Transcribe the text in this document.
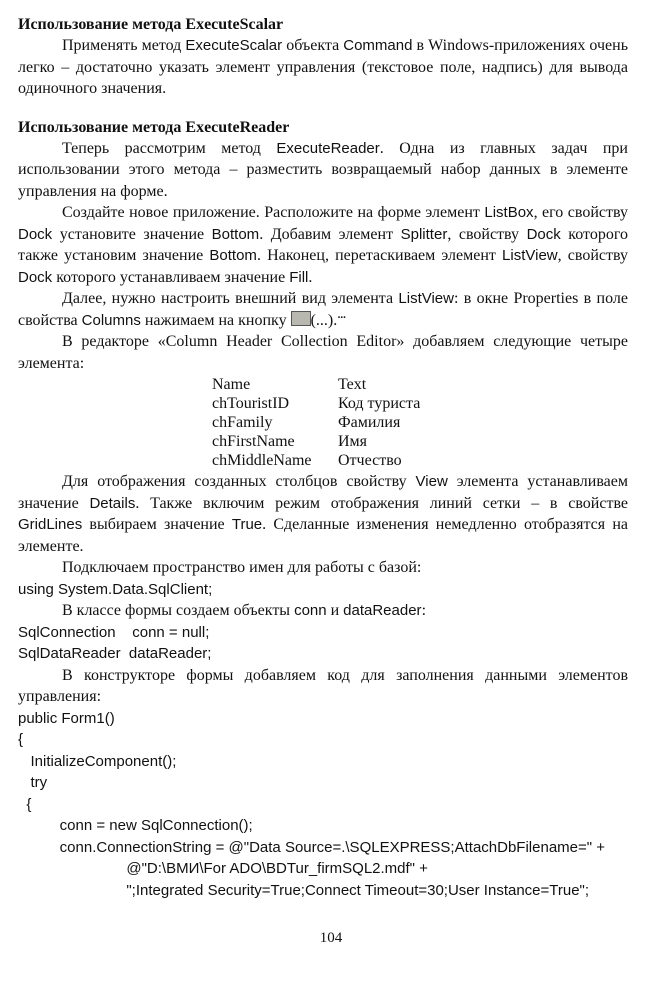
Использование метода ExecuteScalar

Применять метод ExecuteScalar объекта Command в Windows-приложениях очень легко – достаточно указать элемент управления (текстовое поле, надпись) для вывода одиночного значения.

Использование метода ExecuteReader

Теперь рассмотрим метод ExecuteReader. Одна из главных задач при использовании этого метода – разместить возвращаемый набор данных в элементе управления на форме.

Создайте новое приложение. Расположите на форме элемент ListBox, его свойству Dock установите значение Bottom. Добавим элемент Splitter, свойству Dock которого также установим значение Bottom. Наконец, перетаскиваем элемент ListView, свойству Dock которого устанавливаем значение Fill.

Далее, нужно настроить внешний вид элемента ListView: в окне Properties в поле свойства Columns нажимаем на кнопку ...

В редакторе «Column Header Collection Editor» добавляем следующие четыре элемента:

Name	Text
chTouristID	Код туриста
chFamily	Фамилия
chFirstName	Имя
chMiddleName	Отчество

Для отображения созданных столбцов свойству View элемента устанавливаем значение Details. Также включим режим отображения линий сетки – в свойстве GridLines выбираем значение True. Сделанные изменения немедленно отобразятся на элементе.

Подключаем пространство имен для работы с базой:

using System.Data.SqlClient;

В классе формы создаем объекты conn и dataReader:

SqlConnection    conn = null;

SqlDataReader  dataReader;

В конструкторе формы добавляем код для заполнения данными элементов управления:

public Form1()

{

InitializeComponent();

try

{

conn = new SqlConnection();

conn.ConnectionString = @"Data Source=.\SQLEXPRESS;AttachDbFilename=" +

@"D:\BMИ\For ADO\BDTur_firmSQL2.mdf" +

";Integrated Security=True;Connect Timeout=30;User Instance=True";

104
